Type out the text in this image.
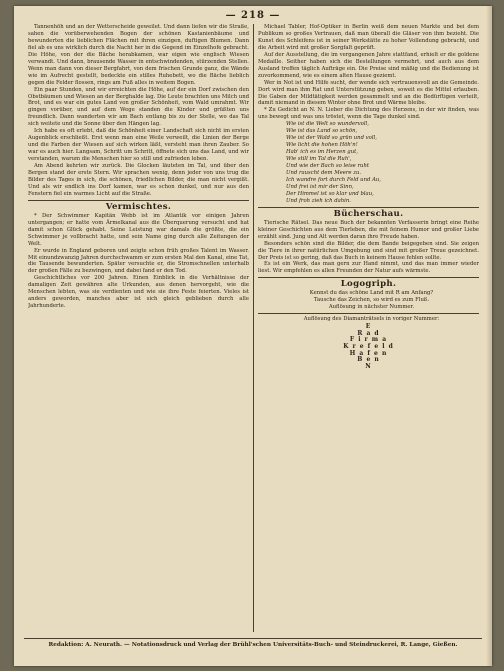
— 218 —

Tannenhöh und an der Wetterscheide geweilet. Und dann liefen wir die Straße, sahen die vorüberwehenden Bogen der schönen Kastanienbäume und bewunderten die lieblichen Flächen mit ihren einzigen, duftigen Blumen. Dann fiel ab es uns wirklich durch die Nacht her in die Gegend im Einzelhofe gebracht. Die Höhe, von der die Bäche herabkamen, war eigen wie englisch Wiesen verwandt. Und dann, brausende Wasser in entschwindenden, stürzenden Stellen. Wenn man dann von dieser Bergfahrt, von dem frischen Grunde ganz, die Wände wie im Aufrecht gestellt, bedeckte ein stilles Ruhebett, wo die Bäche lieblich gegen die Felder flossen, rings am Fuß alles in weitem Bogen.

Ein paar Stunden, und wir erreichten die Höhe, auf der ein Dorf zwischen den Obstbäumen und Wiesen an der Berghalde lag. Die Leute brachten uns Milch und Brot, und es war ein gutes Land von großer Schönheit, vom Wald umrahmt. Wir gingen vorüber, und auf dem Wege standen die Kinder und grüßten uns freundlich. Dann wanderten wir am Bach entlang bis zu der Stelle, wo das Tal sich weitete und die Sonne über den Hängen lag.

Ich habe es oft erlebt, daß die Schönheit einer Landschaft sich nicht im ersten Augenblick erschließt. Erst wenn man eine Weile verweilt, die Linien der Berge und die Farben der Wiesen auf sich wirken läßt, versteht man ihren Zauber. So war es auch hier. Langsam, Schritt um Schritt, öffnete sich uns das Land, und wir verstanden, warum die Menschen hier so still und zufrieden leben.

Am Abend kehrten wir zurück. Die Glocken läuteten im Tal, und über den Bergen stand der erste Stern. Wir sprachen wenig, denn jeder von uns trug die Bilder des Tages in sich, die schönen, friedlichen Bilder, die man nicht vergißt. Und als wir endlich ins Dorf kamen, war es schon dunkel, und nur aus den Fenstern fiel ein warmes Licht auf die Straße.

Vermischtes.

* Der Schwimmer Kapitän Webb ist im Atlantik vor einigen Jahren untergangen; er hatte vom Ärmelkanal aus die Überquerung versucht und hat damit schon Glück gehabt. Seine Leistung war damals die größte, die ein Schwimmer je vollbracht hatte, und sein Name ging durch alle Zeitungen der Welt.

Er wurde in England geboren und zeigte schon früh großes Talent im Wasser. Mit einundzwanzig Jahren durchschwamm er zum ersten Mal den Kanal, eine Tat, die Tausende bewunderten. Später versuchte er, die Stromschnellen unterhalb der großen Fälle zu bezwingen, und dabei fand er den Tod.

Geschichtliches vor 200 Jahren. Einen Einblick in die Verhältnisse der damaligen Zeit gewähren alte Urkunden, aus denen hervorgeht, wie die Menschen lebten, was sie verdienten und wie sie ihre Feste feierten. Vieles ist anders geworden, manches aber ist sich gleich geblieben durch alle Jahrhunderte.

Michael Tabler, Hof-Optiker in Berlin weiß dem neuen Markte und bei dem Publikum so großes Vertrauen, daß man überall die Gläser von ihm bezieht. Die Kunst des Schleifens ist in seiner Werkstätte zu hoher Vollendung gebracht, und die Arbeit wird mit großer Sorgfalt geprüft.

Auf der Ausstellung, die im vergangenen Jahre stattfand, erhielt er die goldene Medaille. Seither haben sich die Bestellungen vermehrt, und auch aus dem Ausland treffen täglich Aufträge ein. Die Preise sind mäßig und die Bedienung ist zuvorkommend, wie es einem alten Hause geziemt.

Wer in Not ist und Hilfe sucht, der wende sich vertrauensvoll an die Gemeinde. Dort wird man ihm Rat und Unterstützung geben, soweit es die Mittel erlauben. Die Gaben der Mildtätigkeit werden gesammelt und an die Bedürftigen verteilt, damit niemand in diesem Winter ohne Brot und Wärme bleibe.

* Zu Gedicht an N. N. Lieber die Dichtung des Herzens, in der wir finden, was uns bewegt und was uns tröstet, wenn die Tage dunkel sind.

Wie ist die Welt so wundervoll,

Wie ist das Land so schön,

Wie ist der Wald so grün und voll,

Wie licht die hohen Höh'n!

Hab' ich es im Herzen gut,

Wie still im Tal die Ruh',

Und wie der Bach so leise ruht

Und rauscht dem Meere zu.

Ich wandre fort durch Feld und Au,

Und frei ist mir der Sinn,

Der Himmel ist so klar und blau,

Und froh zieh ich dahin.

Bücherschau.

Tierische Rätsel. Das neue Buch der bekannten Verfasserin bringt eine Reihe kleiner Geschichten aus dem Tierleben, die mit feinem Humor und großer Liebe erzählt sind. Jung und Alt werden daran ihre Freude haben.

Besonders schön sind die Bilder, die dem Bande beigegeben sind. Sie zeigen die Tiere in ihrer natürlichen Umgebung und sind mit großer Treue gezeichnet. Der Preis ist so gering, daß das Buch in keinem Hause fehlen sollte.

Es ist ein Werk, das man gern zur Hand nimmt, und das man immer wieder liest. Wir empfehlen es allen Freunden der Natur aufs wärmste.

Logogriph.

Kennst du das schöne Land mit R am Anfang?

Tausche das Zeichen, so wird es zum Fluß.

Auflösung in nächster Nummer.

Auflösung des Diamanträtsels in voriger Nummer:

E
R a d
F i r m a
K r e f e l d
H a f e n
B e n
N
Redaktion: A. Neurath. — Notationsdruck und Verlag der Brühl'schen Universitäts-Buch- und Steindruckerei, R. Lange, Gießen.
